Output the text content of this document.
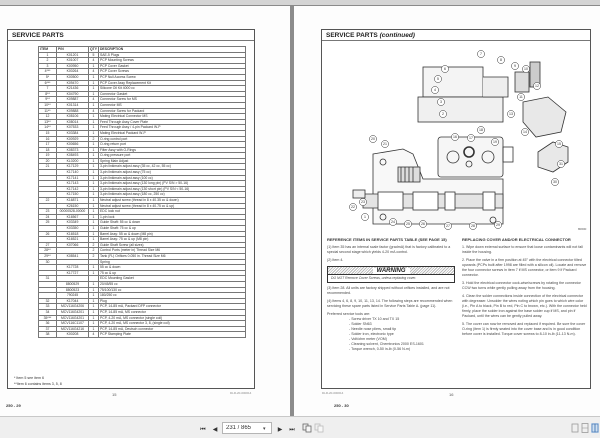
SERVICE PARTS
ITEM	P/N	QTY	DESCRIPTION
1	K01201	5	SAE-5 Plugs
2	K01007	4	PCP Mounting Screws
3	K00950	1	PCP Cover Gasket
4***	K00264	4	PCP Cover Screws
5*	K00500	1	PCP Null Access Screw
6***	K09470	1	PCP Cover Assy Replacement Kit
7	K21436	1	Silicone Oil Kit 4000 cc
8**	K04790	1	Connector Gasket
9**	K09887	4	Connector Screw for MS
10**	K01314	1	Connector MS
11**	K09888	4	Connector Screw for Packard
12	K08106	1	Mating Electrical Connector MS
13**	K08014	1	Feed Through Assy Cover Plate
14**	K07533	1	Feed Through Assy / 4-pin Packard W-P
15	K03384	1	Mating Electrical Packard W-P
16	K00929	2	O-ring control port
17	K00656	1	O-ring return port
18	K08373	1	Filter Assy with O-Rings
19	K08493	1	O-ring pressure port
20	KL0200	1	Spring Main Adjust
21	K17129	1	3-pin linkimain adjust assy (35 cc, 42 cc, 55 cc)
	K17140	1	3-pin linkimain adjust assy (75 cc)
	K17141	1	3-pin linkimain adjust assy (100 cc)
	K17143	1	3-pin linkimain adjust assy (130 long pin) (PV S/N > 50-16)
	K17142	1	3-pin linkimain adjust assy (130 short pin) (PV S/N < 50-16)
	K17150	1	3-pin linkimain adjust assy (180 cc, 250 cc)
22	K16871	1	Neutral adjust screw (thread in 8 x 40.35 cc & down)
	K26150	1	Neutral adjust screw (thread in 8 x 40.75 cc & up)
23	00000528-00000	1	EDC lock nut
24	K16567	1	1-pin lock
25	K03349	1	Guide Shaft: 55 cc & down
	K03350	1	Guide Shaft: 75 cc & up
26	K16518	1	Barrel Assy: 55 cc & down (M8 pin)
	K16521	1	Barrel Assy: 75 cc & up (M8 pin)
27	K07066	2	Guide Shaft Screw (all sizes)
28**		2	Control Ports (meter in) Thread Size M6
29**	K08541	2	Tank (FL) Orifices 0.050 in. Thread Size M6
30			Spring
	K17728	1	55 cc & down
	K17727	1	75 cc & up
31			EDC Mounting Gasket
	8800529	1	20/45/55 cc
	8800523	1	75/100/130 cc
	790245	1	180/250 cc
32	K17044	1	Plug
33	MCV116G4206	1	PCP, 14-85 mA, Packard DFP connector
34	MCV116G4201	1	PCP, 14-85 mA, MS connector
35***	MCV116G4201	1	PCP, 4-20 mA, MS connector (single coil)
36	MCV116C1107	1	PCP, 4-20 mA, MS connector 3, 8, (single coil)
37	MCV116G4216	1	PCP, 14-85 mA, Deutsch connector
38	K00208	4	PCP Stamping Plate
* Item 5 see item 6
**Item 6 contains items 3, 5, 8
15	DLR-20-000014
250 - 29
SERVICE PARTS (continued)
1
2
3
4
5
6
7
8
9
10
11
12
13
14
15
16	17
18
19
20
21
22
23
24	25	26	27	28	29
30
31
80600
REFERENCE ITEMS IN SERVICE PARTS TABLE (SEE PAGE 15)

(1) Item 35 has an internal scale factor (gradmA) that is factory calibrated to a special second stage which yields 4-20 mA control.

(2) Item 4.

WARNING
DO NOT Remove Cover Screws, unless replacing cover.

(3) Item 28. All units are factory shipped without orifices installed, and are not recommended.

(4) Items 4, 6, 8, 9, 10, 11, 13, 14. The following steps are recommended when servicing these spare parts listed in Service Parts Table A. (page 11).

Preferred service tools are:

- Screw driver TX 10 and TX 15
- Solder SN63
- Needle nose pliers, small tip
- Solder iron, electronic type
- Volt/ohm meter (VOM)
- Cleaning solvent, Chemtronics 2000 ES-1601
- Torque wrench, 0-50 in-lb (0-56 N-m)
REPLACING COVER AND/OR ELECTRICAL CONNECTOR

1. Wipe down external surface to ensure that loose contaminants will not fall inside the housing.

2. Place the valve in a firm position at 45° with the electrical connector tilted upwards (PCPs built after 1998 are filled with a silicon oil). Locate and remove the four connector screws in item 7 if MS connector, or item 9 if Packard connector.

3. Hold the electrical connector cock-wise/screws by rotating the connector CCW two turns while gently pulling away from the housing.

4. Clean the solder connections inside connection of the electrical connector with degreaser. Unsolder the wires noting which pin goes to which wire color (i.e., Pin A to black, Pin B to red, Pin C to brown, etc.). With the connector held firmly, place the solder iron against the base solder cup if MS, and pin if Packard, until the wires can be gently pulled away.

5. The cover can now be removed and replaced if required. Be sure the cover O-ring (item 1) is firmly seated into the cover base and is in good condition before cover is installed. Torque cover screws to 8-10 in-lb (11-13 N-m).

DLR-20-000014	16
250 - 30
⏮	◀
231 / 865	▾	▶	⏭
